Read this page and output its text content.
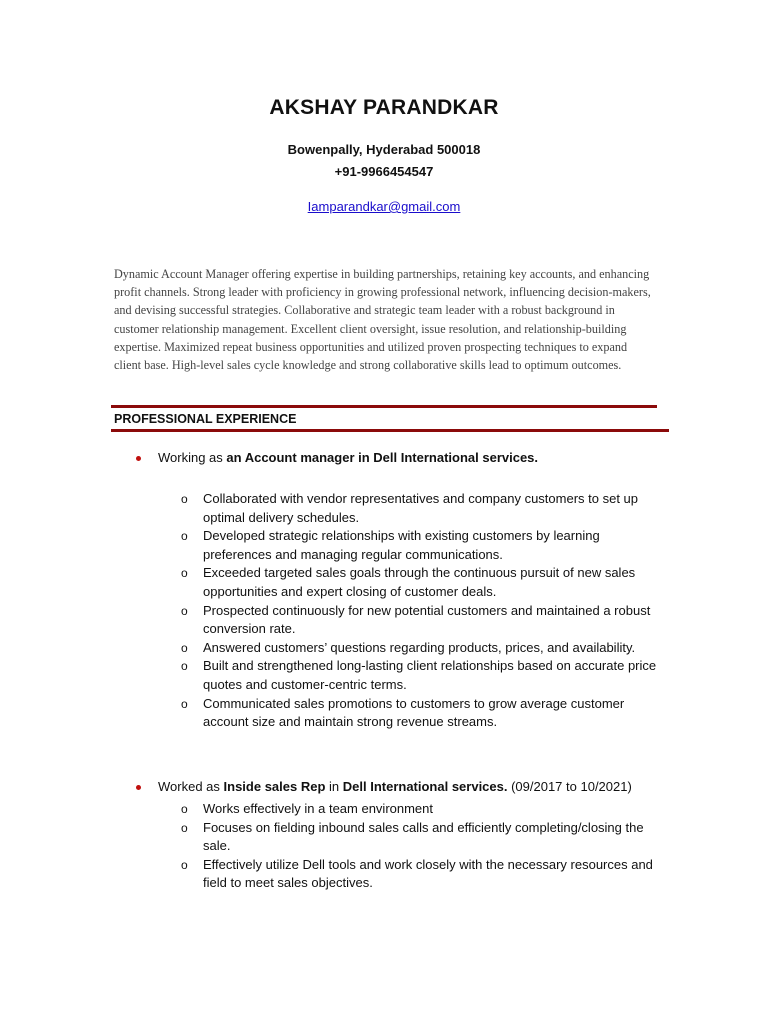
AKSHAY PARANDKAR

Bowenpally, Hyderabad 500018

+91-9966454547

Iamparandkar@gmail.com

Dynamic Account Manager offering expertise in building partnerships, retaining key accounts, and enhancing profit channels. Strong leader with proficiency in growing professional network, influencing decision-makers, and devising successful strategies. Collaborative and strategic team leader with a robust background in customer relationship management. Excellent client oversight, issue resolution, and relationship-building expertise. Maximized repeat business opportunities and utilized proven prospecting techniques to expand client base. High-level sales cycle knowledge and strong collaborative skills lead to optimum outcomes.

PROFESSIONAL EXPERIENCE
Working as an Account manager in Dell International services.
o Collaborated with vendor representatives and company customers to set up optimal delivery schedules.
o Developed strategic relationships with existing customers by learning preferences and managing regular communications.
o Exceeded targeted sales goals through the continuous pursuit of new sales opportunities and expert closing of customer deals.
o Prospected continuously for new potential customers and maintained a robust conversion rate.
o Answered customers’ questions regarding products, prices, and availability.
o Built and strengthened long-lasting client relationships based on accurate price quotes and customer-centric terms.
o Communicated sales promotions to customers to grow average customer account size and maintain strong revenue streams.
Worked as Inside sales Rep in Dell International services. (09/2017 to 10/2021)
o Works effectively in a team environment
o Focuses on fielding inbound sales calls and efficiently completing/closing the sale.
o Effectively utilize Dell tools and work closely with the necessary resources and field to meet sales objectives.
